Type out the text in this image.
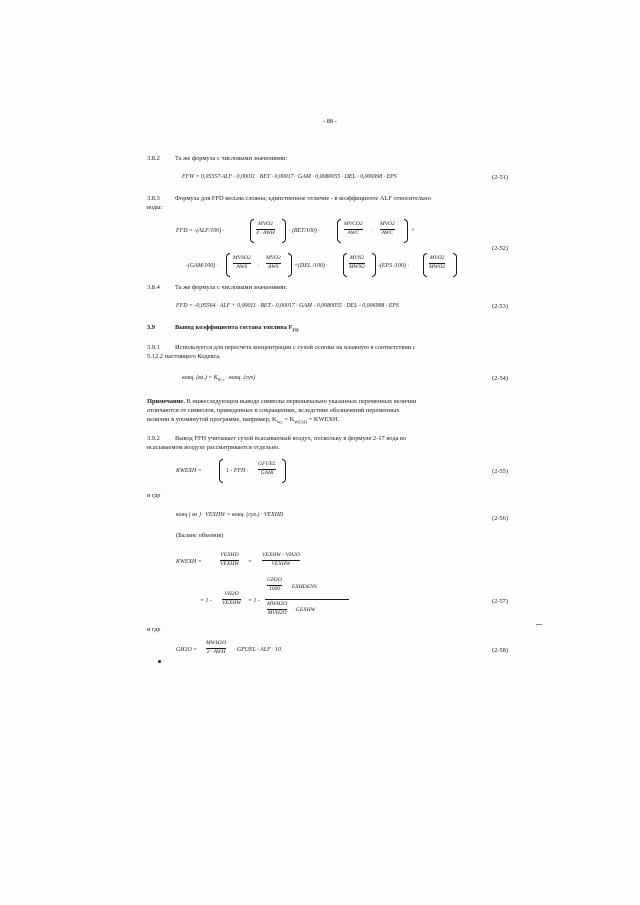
- 88 -
3.8.2 Та же формула с числовыми значениями:
FFW = 0,05557·ALF · 0,00011 · BET · 0,00017 · GAM · 0,0080055 · DEL · 0,006998 · EPS	(2-51)
3.8.3 Формула для FFD весьма сложна; единственное отличие - в коэффициенте ALF относительно
воды:
FFD = -(ALF/100) ·
MVO2
4 · AWH · (BET/100) ·
MVCO2
AWC ·
MVO2
AWC	+
-(GAM/100) ·
MVSO2
AWS ·
MVO2
AWS	+(DEL /100) ·
MVN2
MWN2 -(EPS /100) ·
MVO2
MWO2
(2-52)
3.8.4 Та же формула с числовыми значениями:
FFD = -0,05564 · ALF + 0,00011 · BET - 0,00017 · GAM - 0,0080055 · DEL - 0,006998 · EPS	(2-53)
3.9	Вывод коэффициента состава топлива $F_{FH}$
3.9.1 Используется для пересчета концентрации с сухой основы на влажную в соответствии с
5.12.2 настоящего Кодекса.
конц. $(вл.) = K_{W, r}$ · конц. (сух)	(2-54)
Примечание. В нижеследующем выводе символы первоначально указанных переменных величин
отличаются от символов, приведенных в сокращениях, вследствие обозначений переменных
величин в упомянутой программе, например, $K_{W,r} = K_{WEXH}$ = KWEXH.
3.9.2 Вывод FFH учитывает сухой всасываемый воздух, поскольку в формуле 2-17 вода во
всасываемом воздухе рассматривается отдельно.
KWEXH =	1 - FFH ·
GFUEL
GAIR	(2-55)
и где
конц ( вл ) · VEXHW = конц. (сух.) · VEXHD	(2-56)
(Баланс объемов)
KWEXH =
VEXHD
VEXHW =
VEXHW - VH2O
VEXHW
= 1 -
VH2O
VEXHW = 1 -
GH2O
1000 · EXHDENS
MWH2O
MVH2O · GEXHW
(2-57)
и где
GH2O =
MWH2O
2 · AWH · GFUEL · ALF · 10	(2-58)
